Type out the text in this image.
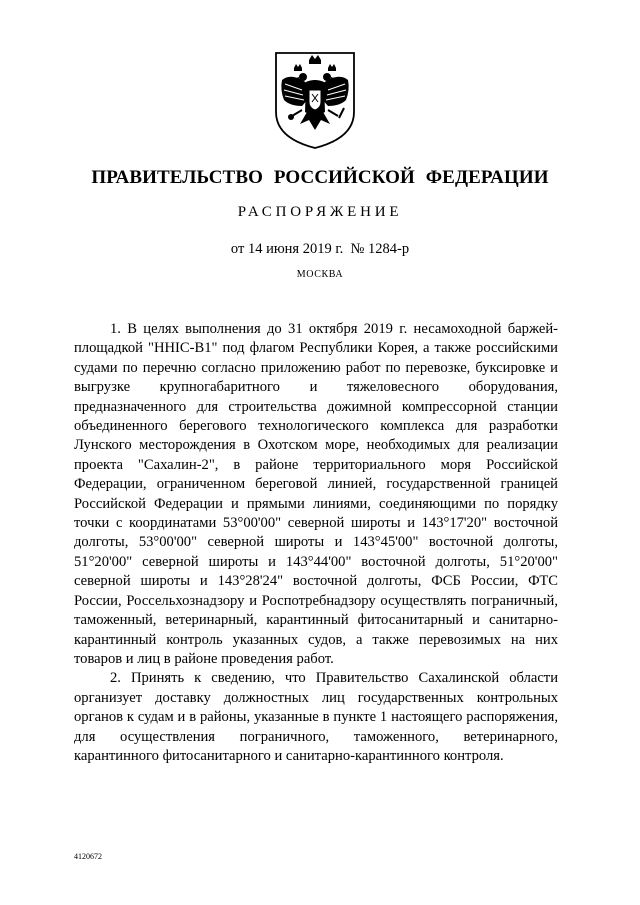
ПРАВИТЕЛЬСТВО РОССИЙСКОЙ ФЕДЕРАЦИИ
РАСПОРЯЖЕНИЕ
от 14 июня 2019 г.  № 1284-р
МОСКВА

1. В целях выполнения до 31 октября 2019 г. несамоходной баржей-площадкой "HHIC-B1" под флагом Республики Корея, а также российскими судами по перечню согласно приложению работ по перевозке, буксировке и выгрузке крупногабаритного и тяжеловесного оборудования, предназначенного для строительства дожимной компрессорной станции объединенного берегового технологического комплекса для разработки Лунского месторождения в Охотском море, необходимых для реализации проекта "Сахалин-2", в районе территориального моря Российской Федерации, ограниченном береговой линией, государственной границей Российской Федерации и прямыми линиями, соединяющими по порядку точки с координатами 53°00'00" северной широты и 143°17'20" восточной долготы, 53°00'00" северной широты и 143°45'00" восточной долготы, 51°20'00" северной широты и 143°44'00" восточной долготы, 51°20'00" северной широты и 143°28'24" восточной долготы, ФСБ России, ФТС России, Россельхознадзору и Роспотребнадзору осуществлять пограничный, таможенный, ветеринарный, карантинный фитосанитарный и санитарно-карантинный контроль указанных судов, а также перевозимых на них товаров и лиц в районе проведения работ.

2. Принять к сведению, что Правительство Сахалинской области организует доставку должностных лиц государственных контрольных органов к судам и в районы, указанные в пункте 1 настоящего распоряжения, для осуществления пограничного, таможенного, ветеринарного, карантинного фитосанитарного и санитарно-карантинного контроля.

4120672
